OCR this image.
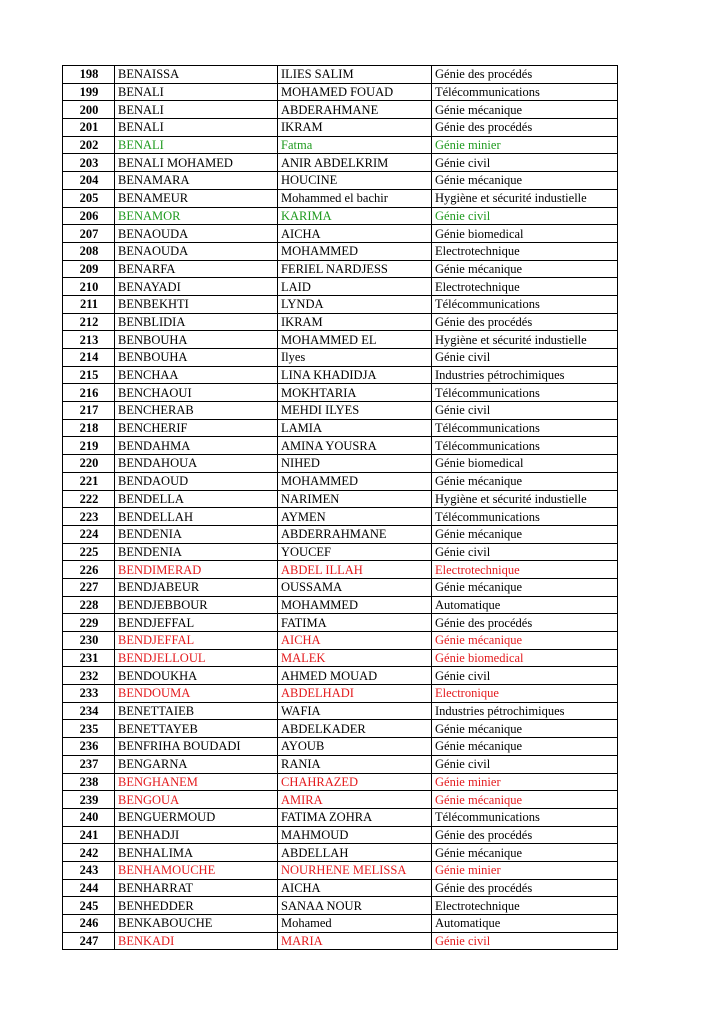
198	BENAISSA	ILIES SALIM	Génie des procédés
199	BENALI	MOHAMED FOUAD	Télécommunications
200	BENALI	ABDERAHMANE	Génie mécanique
201	BENALI	IKRAM	Génie des procédés
202	BENALI	Fatma	Génie minier
203	BENALI MOHAMED	ANIR ABDELKRIM	Génie civil
204	BENAMARA	HOUCINE	Génie mécanique
205	BENAMEUR	Mohammed el bachir	Hygiène et sécurité industielle
206	BENAMOR	KARIMA	Génie civil
207	BENAOUDA	AICHA	Génie biomedical
208	BENAOUDA	MOHAMMED	Electrotechnique
209	BENARFA	FERIEL NARDJESS	Génie mécanique
210	BENAYADI	LAID	Electrotechnique
211	BENBEKHTI	LYNDA	Télécommunications
212	BENBLIDIA	IKRAM	Génie des procédés
213	BENBOUHA	MOHAMMED EL	Hygiène et sécurité industielle
214	BENBOUHA	Ilyes	Génie civil
215	BENCHAA	LINA KHADIDJA	Industries pétrochimiques
216	BENCHAOUI	MOKHTARIA	Télécommunications
217	BENCHERAB	MEHDI ILYES	Génie civil
218	BENCHERIF	LAMIA	Télécommunications
219	BENDAHMA	AMINA YOUSRA	Télécommunications
220	BENDAHOUA	NIHED	Génie biomedical
221	BENDAOUD	MOHAMMED	Génie mécanique
222	BENDELLA	NARIMEN	Hygiène et sécurité industielle
223	BENDELLAH	AYMEN	Télécommunications
224	BENDENIA	ABDERRAHMANE	Génie mécanique
225	BENDENIA	YOUCEF	Génie civil
226	BENDIMERAD	ABDEL ILLAH	Electrotechnique
227	BENDJABEUR	OUSSAMA	Génie mécanique
228	BENDJEBBOUR	MOHAMMED	Automatique
229	BENDJEFFAL	FATIMA	Génie des procédés
230	BENDJEFFAL	AICHA	Génie mécanique
231	BENDJELLOUL	MALEK	Génie biomedical
232	BENDOUKHA	AHMED MOUAD	Génie civil
233	BENDOUMA	ABDELHADI	Electronique
234	BENETTAIEB	WAFIA	Industries pétrochimiques
235	BENETTAYEB	ABDELKADER	Génie mécanique
236	BENFRIHA BOUDADI	AYOUB	Génie mécanique
237	BENGARNA	RANIA	Génie civil
238	BENGHANEM	CHAHRAZED	Génie minier
239	BENGOUA	AMIRA	Génie mécanique
240	BENGUERMOUD	FATIMA ZOHRA	Télécommunications
241	BENHADJI	MAHMOUD	Génie des procédés
242	BENHALIMA	ABDELLAH	Génie mécanique
243	BENHAMOUCHE	NOURHENE MELISSA	Génie minier
244	BENHARRAT	AICHA	Génie des procédés
245	BENHEDDER	SANAA NOUR	Electrotechnique
246	BENKABOUCHE	Mohamed	Automatique
247	BENKADI	MARIA	Génie civil
